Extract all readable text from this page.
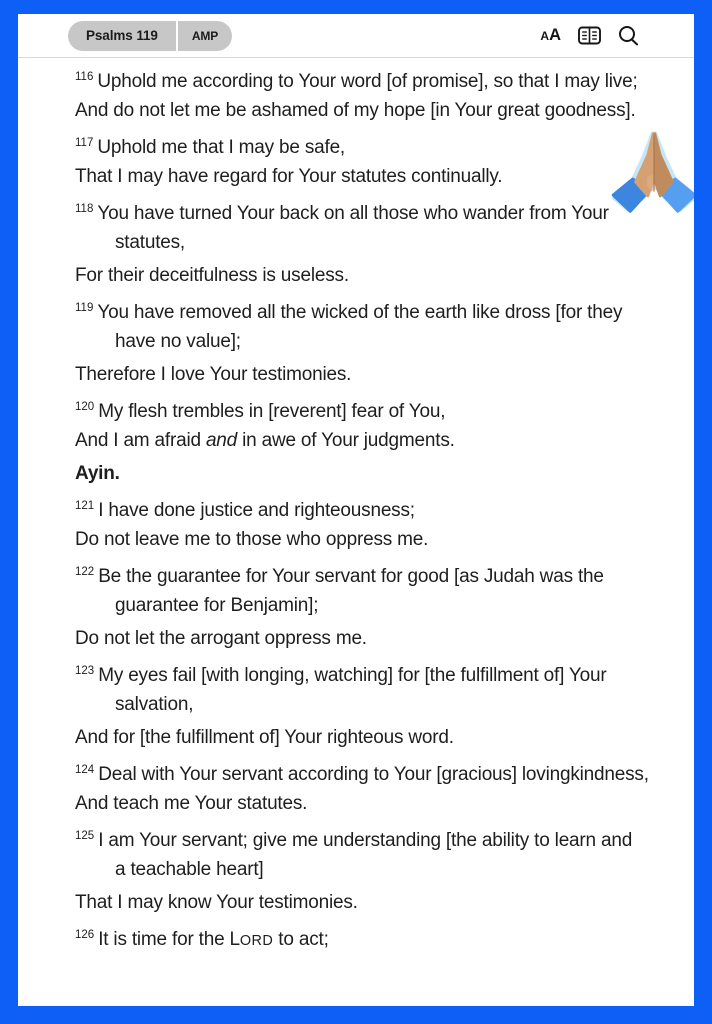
Psalms 119	AMP	A A
$^{116}$ Uphold me according to Your word [of promise], so that I may live;
And do not let me be ashamed of my hope [in Your great goodness].
$^{117}$ Uphold me that I may be safe,
That I may have regard for Your statutes continually.
$^{118}$ You have turned Your back on all those who wander from Your
statutes,
For their deceitfulness is useless.
$^{119}$ You have removed all the wicked of the earth like dross [for they
have no value];
Therefore I love Your testimonies.
$^{120}$ My flesh trembles in [reverent] fear of You,
And I am afraid and in awe of Your judgments.
Ayin.
$^{121}$ I have done justice and righteousness;
Do not leave me to those who oppress me.
$^{122}$ Be the guarantee for Your servant for good [as Judah was the
guarantee for Benjamin];
Do not let the arrogant oppress me.
$^{123}$ My eyes fail [with longing, watching] for [the fulfillment of] Your
salvation,
And for [the fulfillment of] Your righteous word.
$^{124}$ Deal with Your servant according to Your [gracious] lovingkindness,
And teach me Your statutes.
$^{125}$ I am Your servant; give me understanding [the ability to learn and
a teachable heart]
That I may know Your testimonies.
$^{126}$ It is time for the LORD to act;
